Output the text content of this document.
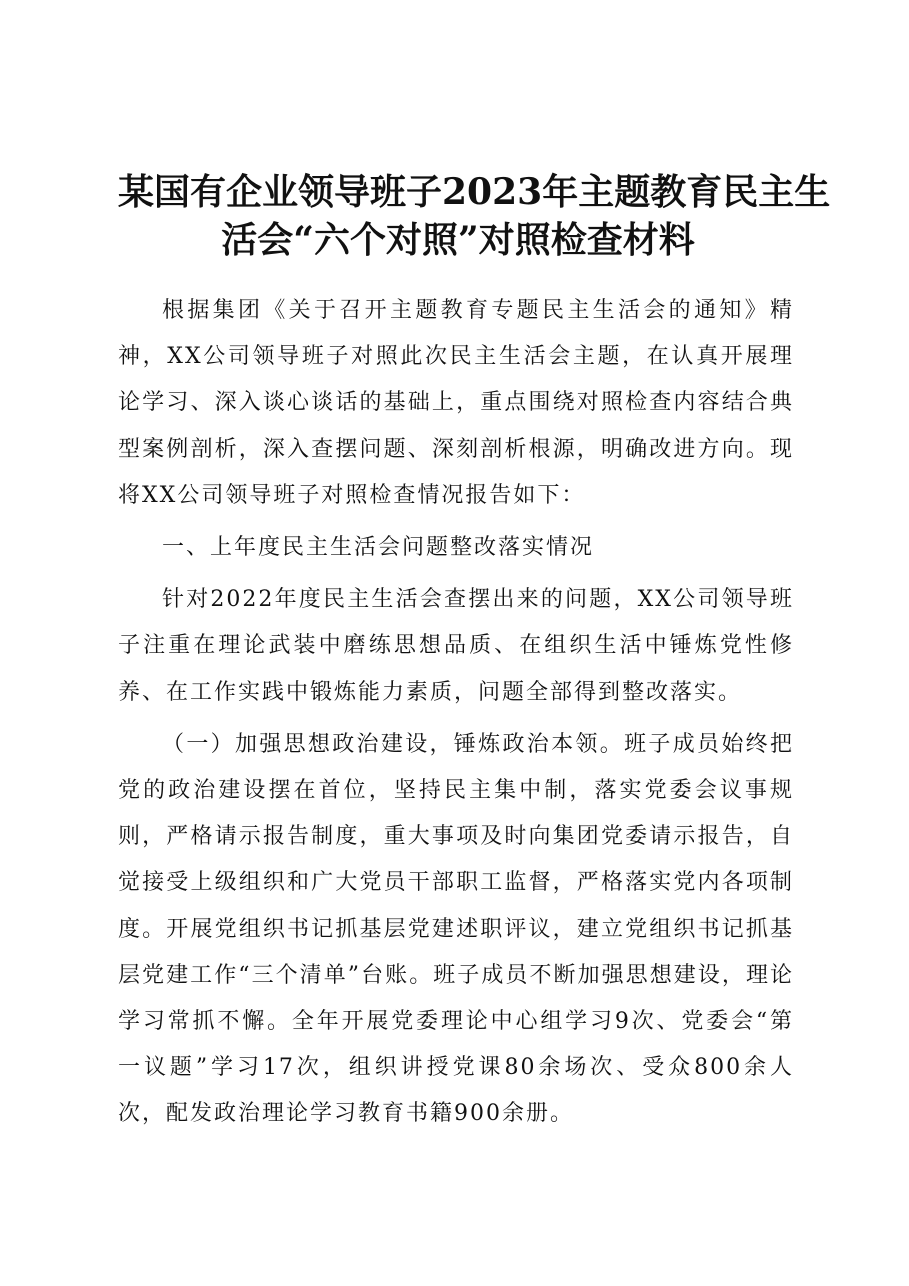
某国有企业领导班子2023年主题教育民主生
活会“六个对照”对照检查材料

根据集团《关于召开主题教育专题民主生活会的通知》精神，XX公司领导班子对照此次民主生活会主题，在认真开展理论学习、深入谈心谈话的基础上，重点围绕对照检查内容结合典型案例剖析，深入查摆问题、深刻剖析根源，明确改进方向。现将XX公司领导班子对照检查情况报告如下：

一、上年度民主生活会问题整改落实情况

针对2022年度民主生活会查摆出来的问题，XX公司领导班子注重在理论武装中磨练思想品质、在组织生活中锤炼党性修养、在工作实践中锻炼能力素质，问题全部得到整改落实。

（一）加强思想政治建设，锤炼政治本领。班子成员始终把党的政治建设摆在首位，坚持民主集中制，落实党委会议事规则，严格请示报告制度，重大事项及时向集团党委请示报告，自觉接受上级组织和广大党员干部职工监督，严格落实党内各项制度。开展党组织书记抓基层党建述职评议，建立党组织书记抓基层党建工作“三个清单”台账。班子成员不断加强思想建设，理论学习常抓不懈。全年开展党委理论中心组学习9次、党委会“第一议题”学习17次，组织讲授党课80余场次、受众800余人次，配发政治理论学习教育书籍900余册。
